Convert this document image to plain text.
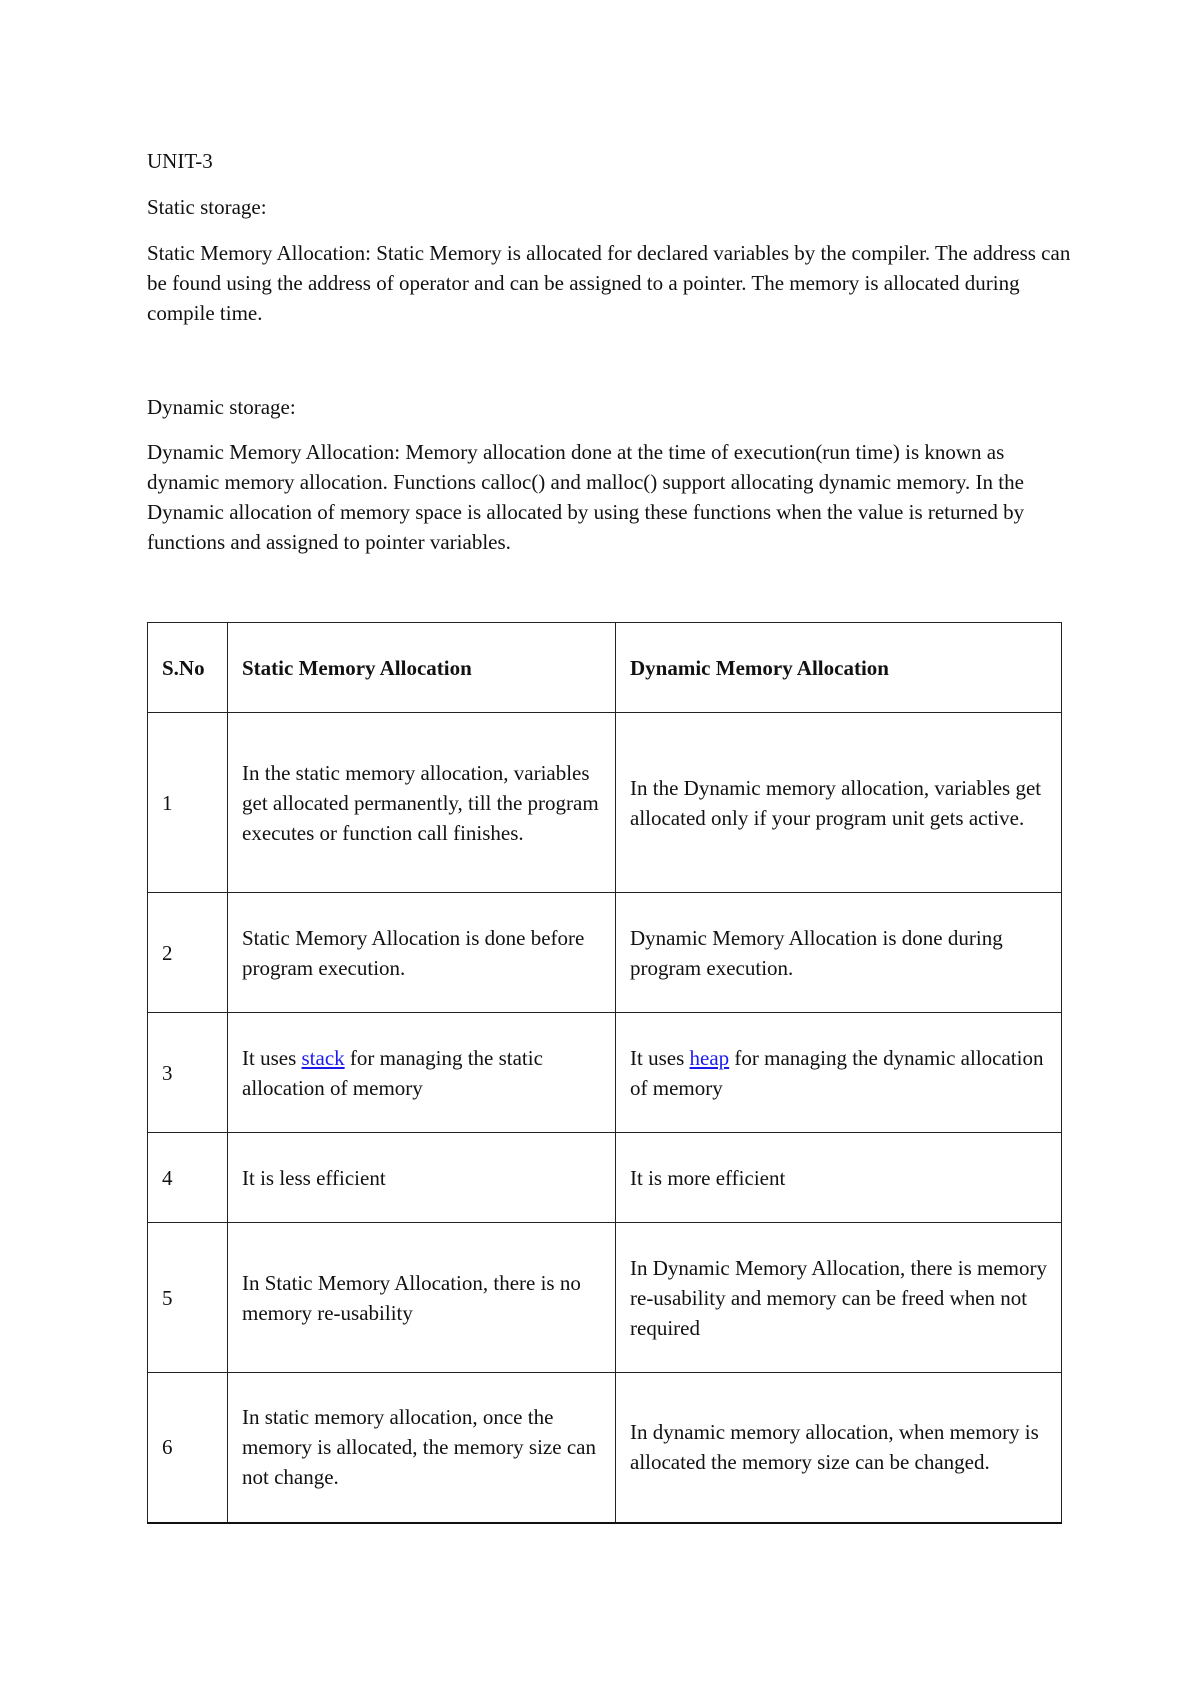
UNIT-3
Static storage:
Static Memory Allocation: Static Memory is allocated for declared variables by the compiler. The address can be found using the address of operator and can be assigned to a pointer. The memory is allocated during compile time.
Dynamic storage:
Dynamic Memory Allocation: Memory allocation done at the time of execution(run time) is known as dynamic memory allocation. Functions calloc() and malloc() support allocating dynamic memory. In the Dynamic allocation of memory space is allocated by using these functions when the value is returned by functions and assigned to pointer variables.
S.No	Static Memory Allocation	Dynamic Memory Allocation
1	In the static memory allocation, variables get allocated permanently, till the program executes or function call finishes.	In the Dynamic memory allocation, variables get allocated only if your program unit gets active.
2	Static Memory Allocation is done before program execution.	Dynamic Memory Allocation is done during program execution.
3	It uses stack for managing the static allocation of memory	It uses heap for managing the dynamic allocation of memory
4	It is less efficient	It is more efficient
5	In Static Memory Allocation, there is no memory re-usability	In Dynamic Memory Allocation, there is memory re-usability and memory can be freed when not required
6	In static memory allocation, once the memory is allocated, the memory size can not change.	In dynamic memory allocation, when memory is allocated the memory size can be changed.
